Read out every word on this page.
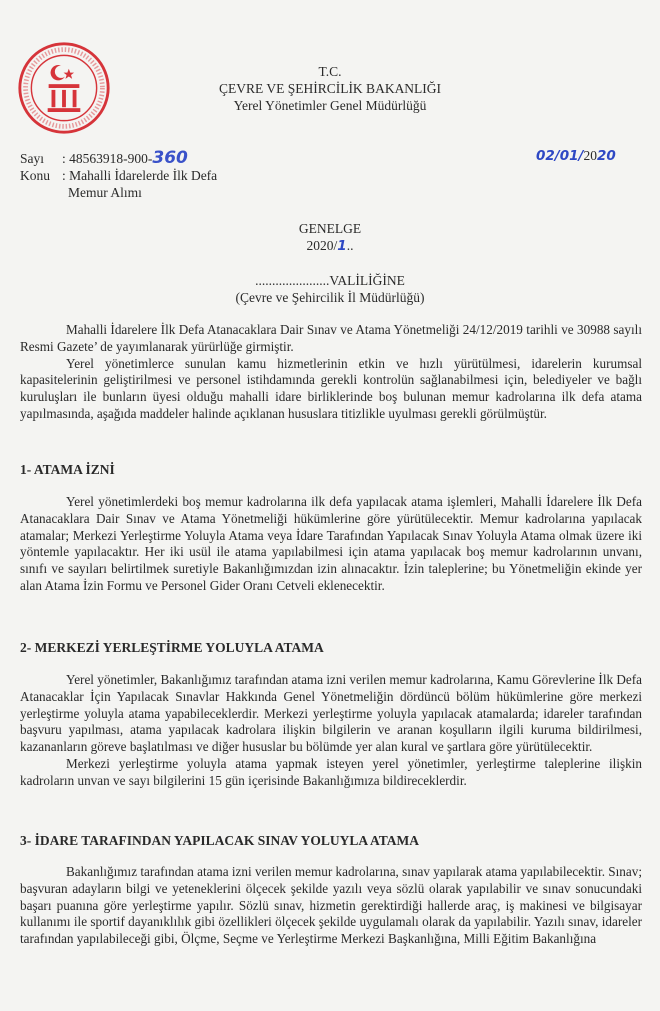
T.C.
ÇEVRE VE ŞEHİRCİLİK BAKANLIĞI
Yerel Yönetimler Genel Müdürlüğü
Sayı	: 48563918-900- 360
Konu : Mahalli İdarelerde İlk Defa
Memur Alımı
02/01/2020
GENELGE
2020/1..
......................VALİLİĞİNE
(Çevre ve Şehircilik İl Müdürlüğü)

Mahalli İdarelere İlk Defa Atanacaklara Dair Sınav ve Atama Yönetmeliği 24/12/2019 tarihli ve 30988 sayılı Resmi Gazete’ de yayımlanarak yürürlüğe girmiştir.

Yerel yönetimlerce sunulan kamu hizmetlerinin etkin ve hızlı yürütülmesi, idarelerin kurumsal kapasitelerinin geliştirilmesi ve personel istihdamında gerekli kontrolün sağlanabilmesi için, belediyeler ve bağlı kuruluşları ile bunların üyesi olduğu mahalli idare birliklerinde boş bulunan memur kadrolarına ilk defa atama yapılmasında, aşağıda maddeler halinde açıklanan hususlara titizlikle uyulması gerekli görülmüştür.

1- ATAMA İZNİ

Yerel yönetimlerdeki boş memur kadrolarına ilk defa yapılacak atama işlemleri, Mahalli İdarelere İlk Defa Atanacaklara Dair Sınav ve Atama Yönetmeliği hükümlerine göre yürütülecektir. Memur kadrolarına yapılacak atamalar; Merkezi Yerleştirme Yoluyla Atama veya İdare Tarafından Yapılacak Sınav Yoluyla Atama olmak üzere iki yöntemle yapılacaktır. Her iki usül ile atama yapılabilmesi için atama yapılacak boş memur kadrolarının unvanı, sınıfı ve sayıları belirtilmek suretiyle Bakanlığımızdan izin alınacaktır. İzin taleplerine; bu Yönetmeliğin ekinde yer alan Atama İzin Formu ve Personel Gider Oranı Cetveli eklenecektir.

2- MERKEZİ YERLEŞTİRME YOLUYLA ATAMA

Yerel yönetimler, Bakanlığımız tarafından atama izni verilen memur kadrolarına, Kamu Görevlerine İlk Defa Atanacaklar İçin Yapılacak Sınavlar Hakkında Genel Yönetmeliğin dördüncü bölüm hükümlerine göre merkezi yerleştirme yoluyla atama yapabileceklerdir. Merkezi yerleştirme yoluyla yapılacak atamalarda; idareler tarafından başvuru yapılması, atama yapılacak kadrolara ilişkin bilgilerin ve aranan koşulların ilgili kuruma bildirilmesi, kazananların göreve başlatılması ve diğer hususlar bu bölümde yer alan kural ve şartlara göre yürütülecektir.

Merkezi yerleştirme yoluyla atama yapmak isteyen yerel yönetimler, yerleştirme taleplerine ilişkin kadroların unvan ve sayı bilgilerini 15 gün içerisinde Bakanlığımıza bildireceklerdir.

3- İDARE TARAFINDAN YAPILACAK SINAV YOLUYLA ATAMA

Bakanlığımız tarafından atama izni verilen memur kadrolarına, sınav yapılarak atama yapılabilecektir. Sınav; başvuran adayların bilgi ve yeteneklerini ölçecek şekilde yazılı veya sözlü olarak yapılabilir ve sınav sonucundaki başarı puanına göre yerleştirme yapılır. Sözlü sınav, hizmetin gerektirdiği hallerde araç, iş makinesi ve bilgisayar kullanımı ile sportif dayanıklılık gibi özellikleri ölçecek şekilde uygulamalı olarak da yapılabilir. Yazılı sınav, idareler tarafından yapılabileceği gibi, Ölçme, Seçme ve Yerleştirme Merkezi Başkanlığına, Milli Eğitim Bakanlığına
